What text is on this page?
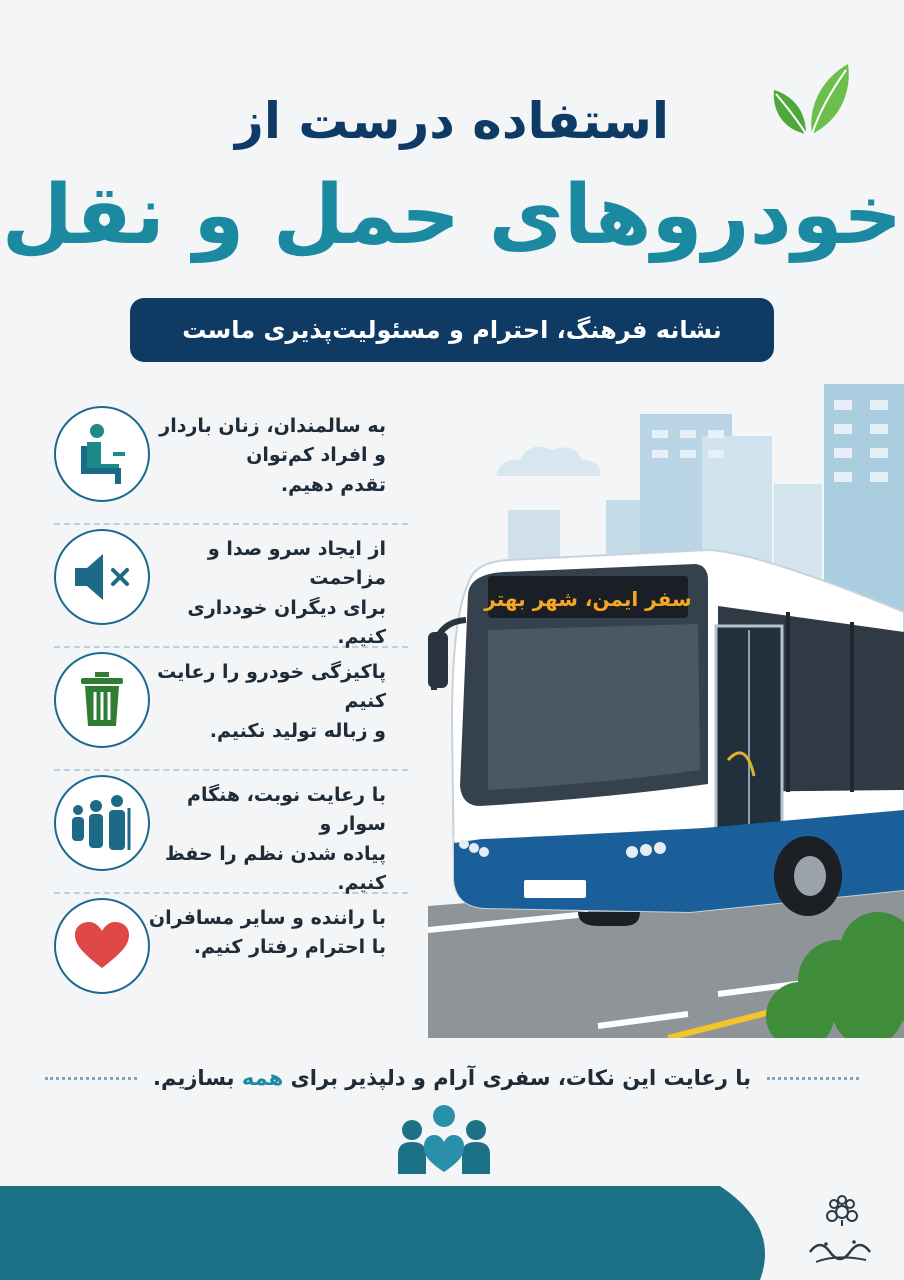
استفاده درست از
خودروهای حمل و نقل
نشانه فرهنگ، احترام و مسئولیت‌پذیری ماست
به سالمندان، زنان باردار
و افراد کم‌توان
تقدم دهیم.
از ایجاد سرو صدا و مزاحمت
برای دیگران خودداری کنیم.
پاکیزگی خودرو را رعایت کنیم
و زباله تولید نکنیم.
با رعایت نوبت، هنگام سوار و
پیاده شدن نظم را حفظ کنیم.
با راننده و سایر مسافران
با احترام رفتار کنیم.
سفر ایمن، شهر بهتر
با رعایت این نکات، سفری آرام و دلپذیر برای همه بسازیم.
